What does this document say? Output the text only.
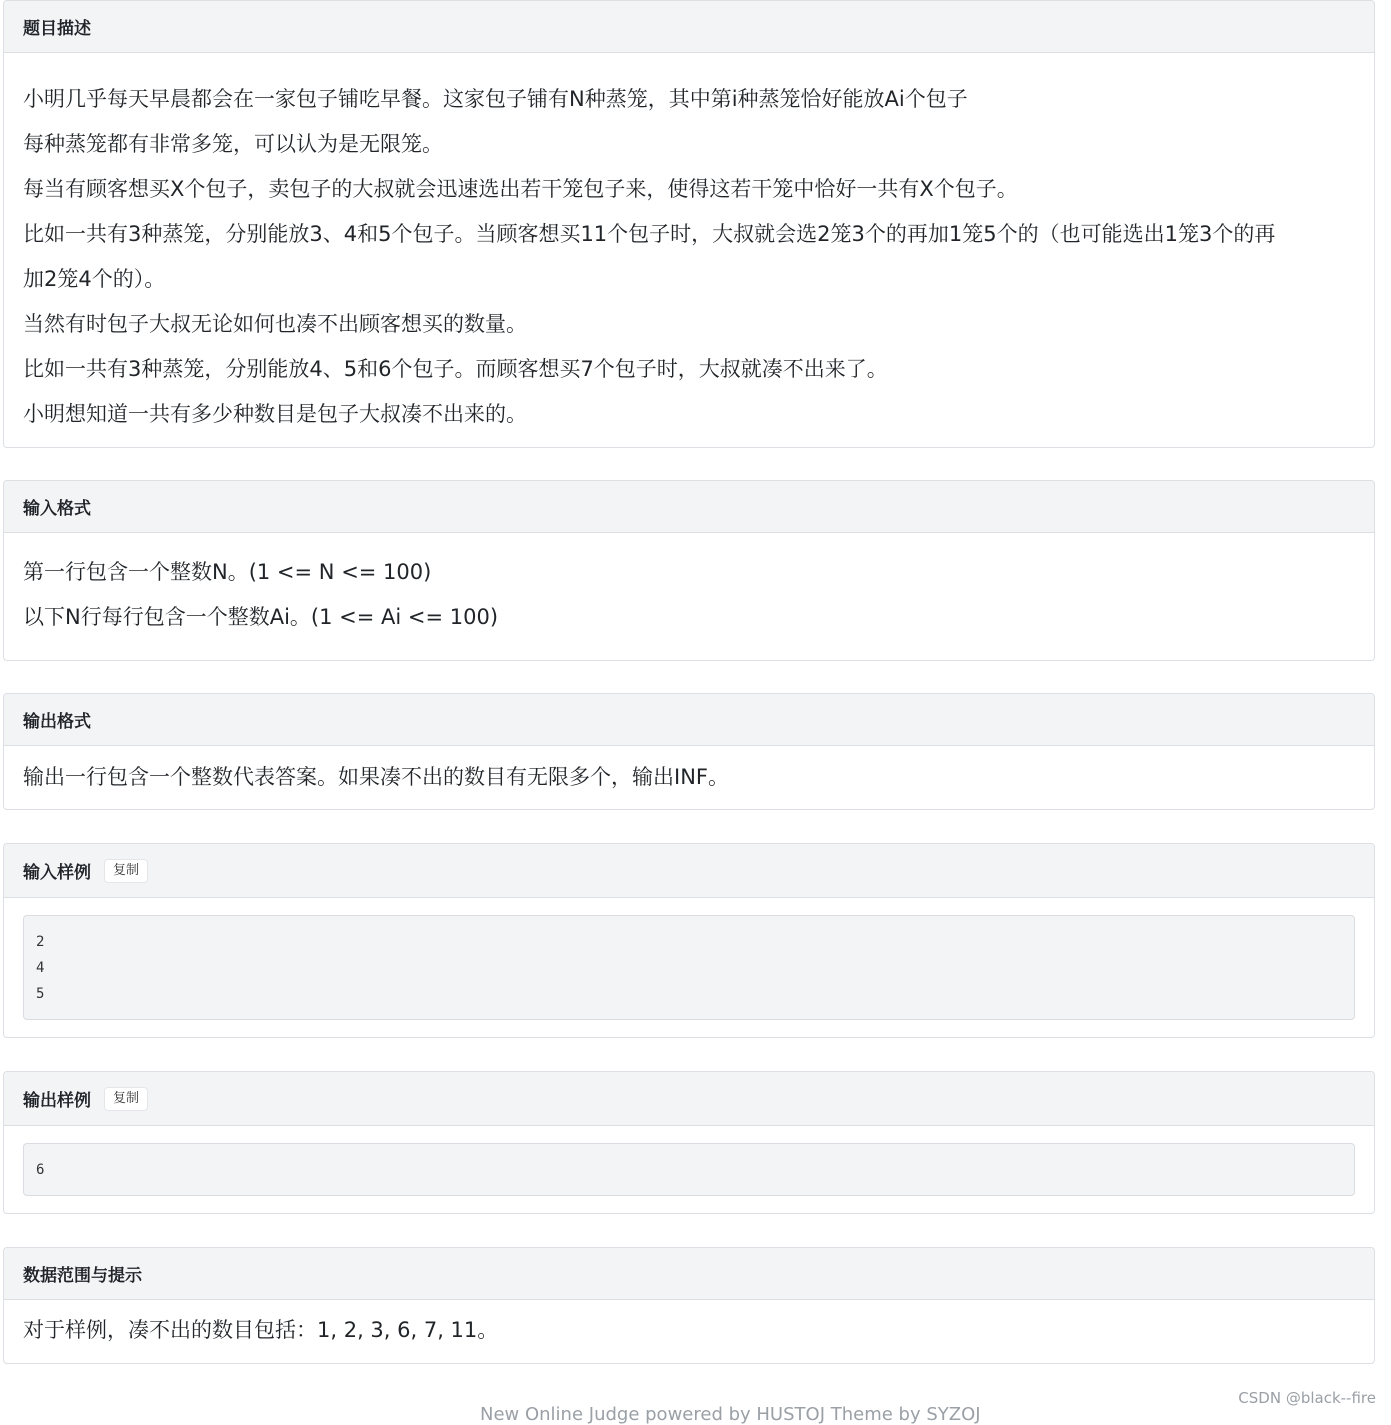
题目描述
小明几乎每天早晨都会在一家包子铺吃早餐。这家包子铺有N种蒸笼，其中第i种蒸笼恰好能放Ai个包子
每种蒸笼都有非常多笼，可以认为是无限笼。
每当有顾客想买X个包子，卖包子的大叔就会迅速选出若干笼包子来，使得这若干笼中恰好一共有X个包子。
比如一共有3种蒸笼，分别能放3、4和5个包子。当顾客想买11个包子时，大叔就会选2笼3个的再加1笼5个的（也可能选出1笼3个的再
加2笼4个的）。
当然有时包子大叔无论如何也凑不出顾客想买的数量。
比如一共有3种蒸笼，分别能放4、5和6个包子。而顾客想买7个包子时，大叔就凑不出来了。
小明想知道一共有多少种数目是包子大叔凑不出来的。
输入格式
第一行包含一个整数N。(1 <= N <= 100)
以下N行每行包含一个整数Ai。(1 <= Ai <= 100)
输出格式
输出一行包含一个整数代表答案。如果凑不出的数目有无限多个，输出INF。
输入样例	复制
2
4
5
输出样例	复制
6
数据范围与提示
对于样例，凑不出的数目包括：1, 2, 3, 6, 7, 11。
New Online Judge powered by HUSTOJ Theme by SYZOJ
CSDN @black--fire
